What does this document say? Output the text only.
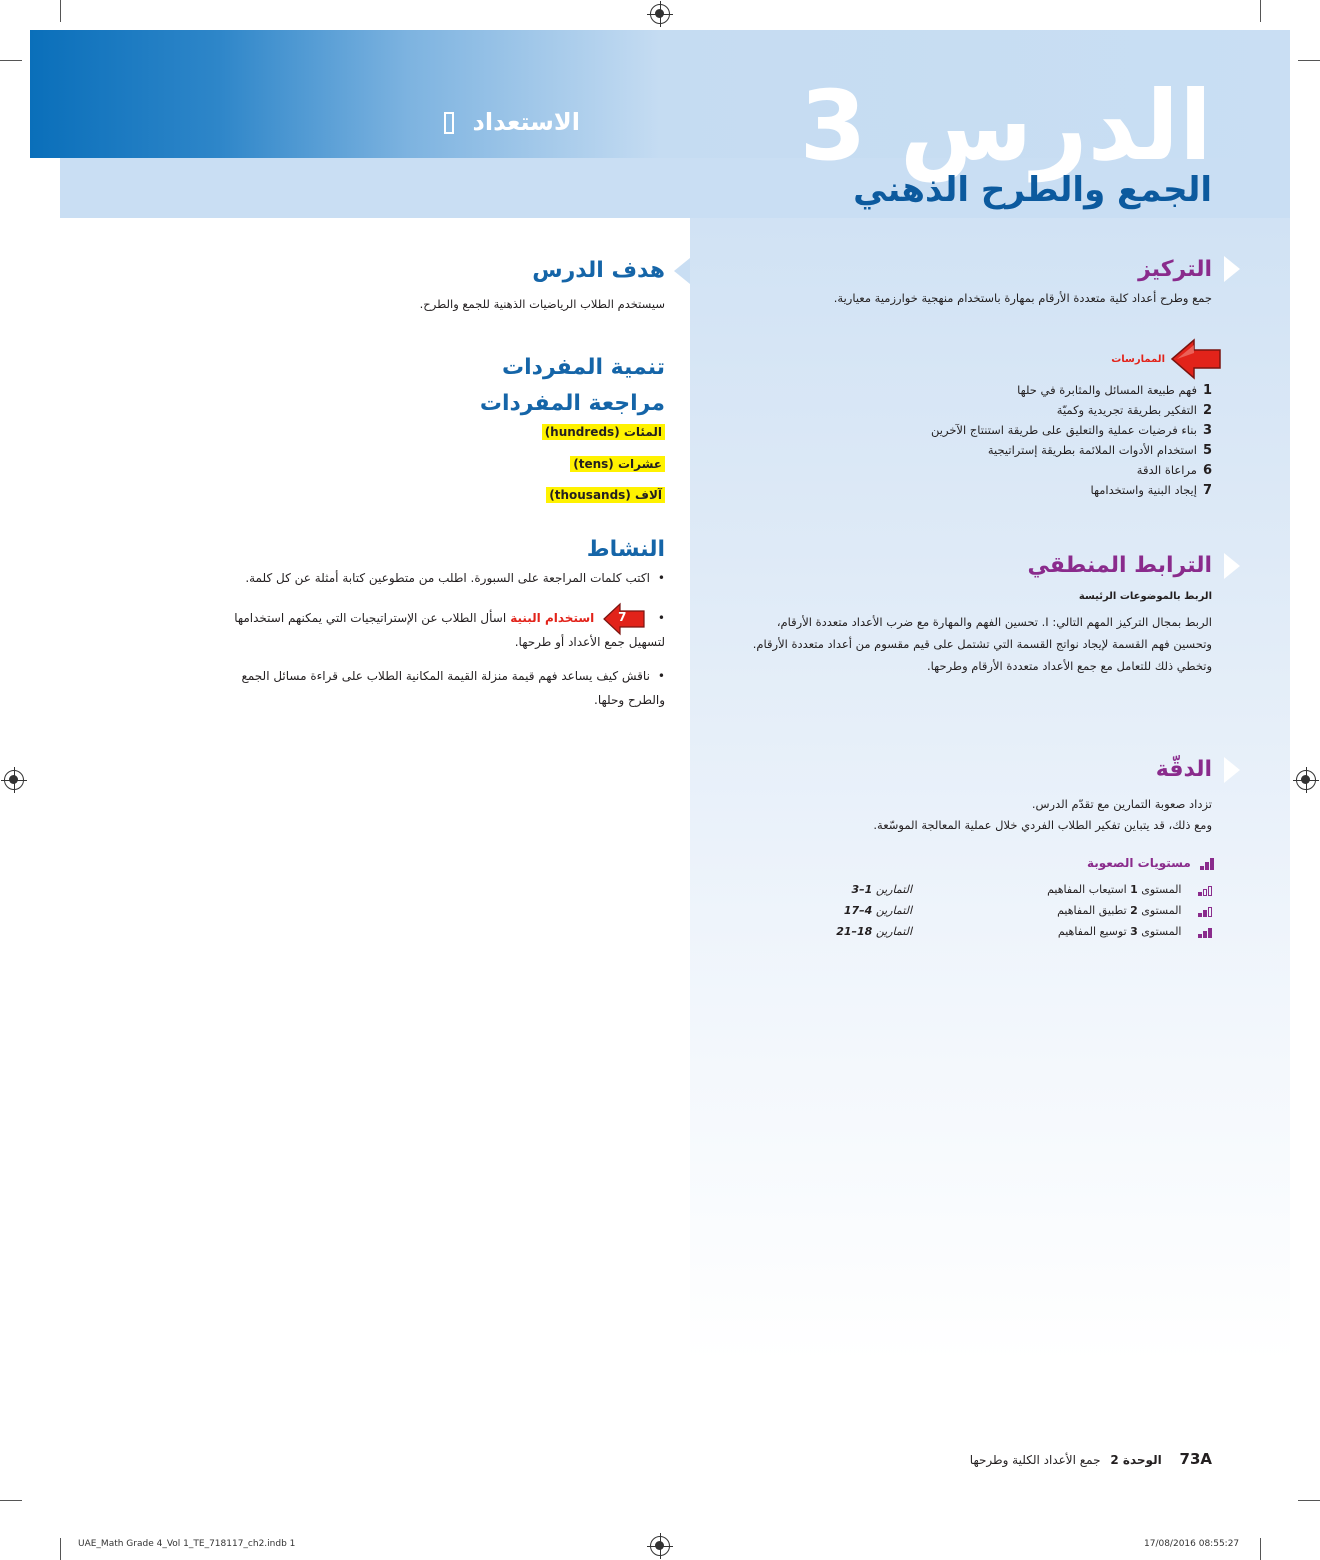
الاستعداد الدرس 3
الجمع والطرح الذهني
التركيز
جمع وطرح أعداد كلية متعددة الأرقام بمهارة باستخدام منهجية خوارزمية معيارية.
الممارسات
1فهم طبيعة المسائل والمثابرة في حلها
2التفكير بطريقة تجريدية وكميّة
3بناء فرضيات عملية والتعليق على طريقة استنتاج الآخرين
5استخدام الأدوات الملائمة بطريقة إستراتيجية
6مراعاة الدقة
7إيجاد البنية واستخدامها
الترابط المنطقي
الربط بالموضوعات الرئيسة
الربط بمجال التركيز المهم التالي: I. تحسين الفهم والمهارة مع ضرب الأعداد متعددة الأرقام،
وتحسين فهم القسمة لإيجاد نواتج القسمة التي تشتمل على قيم مقسوم من أعداد متعددة الأرقام.
وتخطي ذلك للتعامل مع جمع الأعداد متعددة الأرقام وطرحها.
الدقّة
تزداد صعوبة التمارين مع تقدّم الدرس.
ومع ذلك، قد يتباين تفكير الطلاب الفردي خلال عملية المعالجة الموسّعة.
مستويات الصعوبة
المستوى 1 استيعاب المفاهيم
التمارين 1–3
المستوى 2 تطبيق المفاهيم
التمارين 4–17
المستوى 3 توسيع المفاهيم
التمارين 18–21
هدف الدرس
سيستخدم الطلاب الرياضيات الذهنية للجمع والطرح.
تنمية المفردات
مراجعة المفردات
المئات (hundreds)
عشرات (tens)
آلاف (thousands)
النشاط
•اكتب كلمات المراجعة على السبورة. اطلب من متطوعين كتابة أمثلة عن كل كلمة.
•
7
استخدام البنيةاسأل الطلاب عن الإستراتيجيات التي يمكنهم استخدامها
لتسهيل جمع الأعداد أو طرحها.
•ناقش كيف يساعد فهم قيمة منزلة القيمة المكانية الطلاب على قراءة مسائل الجمع
والطرح وحلها.
73A الوحدة 2 جمع الأعداد الكلية وطرحها
UAE_Math Grade 4_Vol 1_TE_718117_ch2.indb 1	17/08/2016 08:55:27
